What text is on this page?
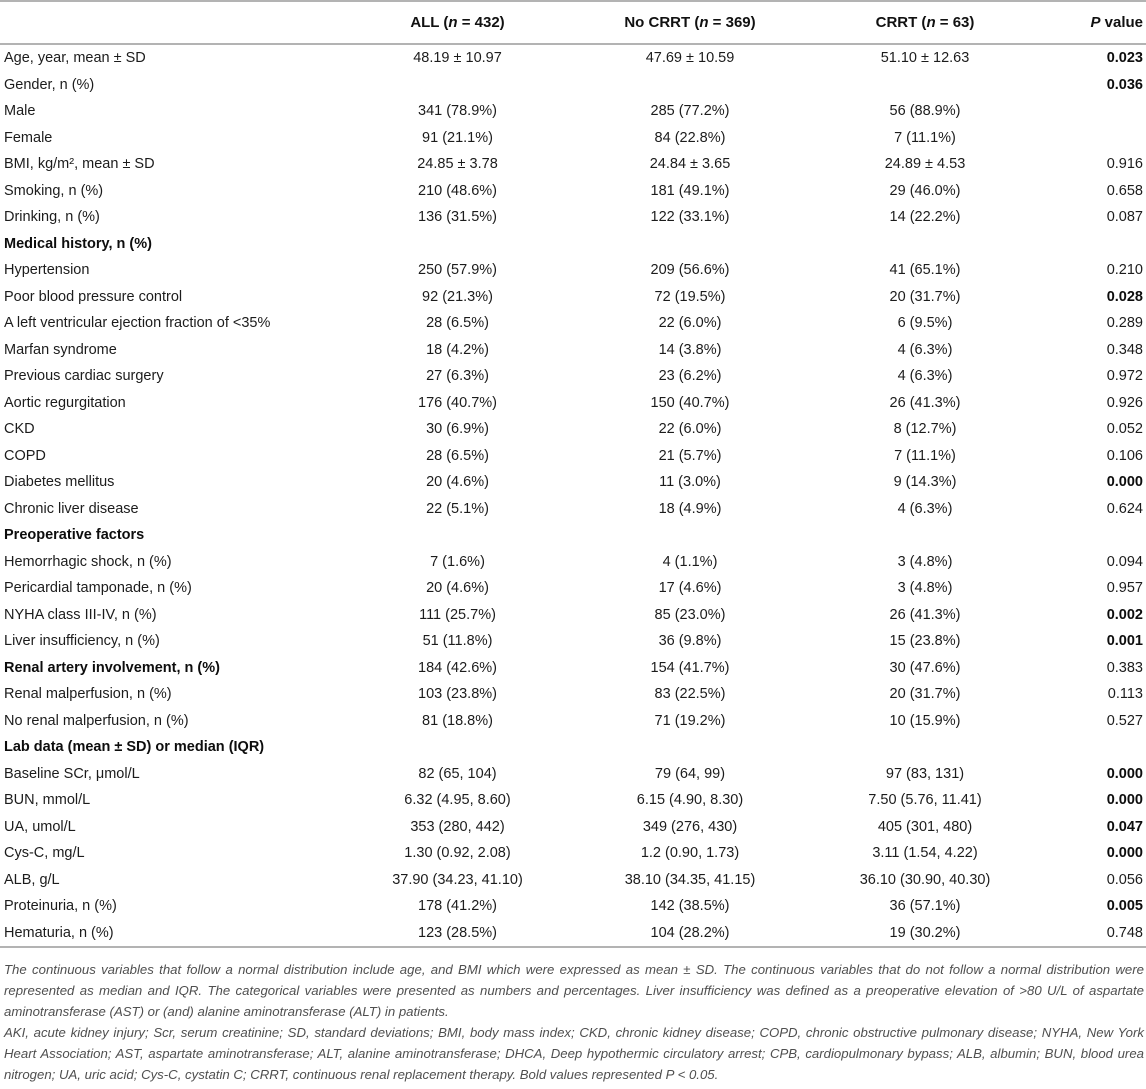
	ALL (n = 432)	No CRRT (n = 369)	CRRT (n = 63)	P value
Age, year, mean ± SD	48.19 ± 10.97	47.69 ± 10.59	51.10 ± 12.63	0.023
Gender, n (%)				0.036
Male	341 (78.9%)	285 (77.2%)	56 (88.9%)	
Female	91 (21.1%)	84 (22.8%)	7 (11.1%)	
BMI, kg/m², mean ± SD	24.85 ± 3.78	24.84 ± 3.65	24.89 ± 4.53	0.916
Smoking, n (%)	210 (48.6%)	181 (49.1%)	29 (46.0%)	0.658
Drinking, n (%)	136 (31.5%)	122 (33.1%)	14 (22.2%)	0.087
Medical history, n (%)				
Hypertension	250 (57.9%)	209 (56.6%)	41 (65.1%)	0.210
Poor blood pressure control	92 (21.3%)	72 (19.5%)	20 (31.7%)	0.028
A left ventricular ejection fraction of <35%	28 (6.5%)	22 (6.0%)	6 (9.5%)	0.289
Marfan syndrome	18 (4.2%)	14 (3.8%)	4 (6.3%)	0.348
Previous cardiac surgery	27 (6.3%)	23 (6.2%)	4 (6.3%)	0.972
Aortic regurgitation	176 (40.7%)	150 (40.7%)	26 (41.3%)	0.926
CKD	30 (6.9%)	22 (6.0%)	8 (12.7%)	0.052
COPD	28 (6.5%)	21 (5.7%)	7 (11.1%)	0.106
Diabetes mellitus	20 (4.6%)	11 (3.0%)	9 (14.3%)	0.000
Chronic liver disease	22 (5.1%)	18 (4.9%)	4 (6.3%)	0.624
Preoperative factors				
Hemorrhagic shock, n (%)	7 (1.6%)	4 (1.1%)	3 (4.8%)	0.094
Pericardial tamponade, n (%)	20 (4.6%)	17 (4.6%)	3 (4.8%)	0.957
NYHA class III-IV, n (%)	111 (25.7%)	85 (23.0%)	26 (41.3%)	0.002
Liver insufficiency, n (%)	51 (11.8%)	36 (9.8%)	15 (23.8%)	0.001
Renal artery involvement, n (%)	184 (42.6%)	154 (41.7%)	30 (47.6%)	0.383
Renal malperfusion, n (%)	103 (23.8%)	83 (22.5%)	20 (31.7%)	0.113
No renal malperfusion, n (%)	81 (18.8%)	71 (19.2%)	10 (15.9%)	0.527
Lab data (mean ± SD) or median (IQR)				
Baseline SCr, μmol/L	82 (65, 104)	79 (64, 99)	97 (83, 131)	0.000
BUN, mmol/L	6.32 (4.95, 8.60)	6.15 (4.90, 8.30)	7.50 (5.76, 11.41)	0.000
UA, umol/L	353 (280, 442)	349 (276, 430)	405 (301, 480)	0.047
Cys-C, mg/L	1.30 (0.92, 2.08)	1.2 (0.90, 1.73)	3.11 (1.54, 4.22)	0.000
ALB, g/L	37.90 (34.23, 41.10)	38.10 (34.35, 41.15)	36.10 (30.90, 40.30)	0.056
Proteinuria, n (%)	178 (41.2%)	142 (38.5%)	36 (57.1%)	0.005
Hematuria, n (%)	123 (28.5%)	104 (28.2%)	19 (30.2%)	0.748

The continuous variables that follow a normal distribution include age, and BMI which were expressed as mean ± SD. The continuous variables that do not follow a normal distribution were represented as median and IQR. The categorical variables were presented as numbers and percentages. Liver insufficiency was defined as a preoperative elevation of >80 U/L of aspartate aminotransferase (AST) or (and) alanine aminotransferase (ALT) in patients.

AKI, acute kidney injury; Scr, serum creatinine; SD, standard deviations; BMI, body mass index; CKD, chronic kidney disease; COPD, chronic obstructive pulmonary disease; NYHA, New York Heart Association; AST, aspartate aminotransferase; ALT, alanine aminotransferase; DHCA, Deep hypothermic circulatory arrest; CPB, cardiopulmonary bypass; ALB, albumin; BUN, blood urea nitrogen; UA, uric acid; Cys-C, cystatin C; CRRT, continuous renal replacement therapy. Bold values represented P < 0.05.
